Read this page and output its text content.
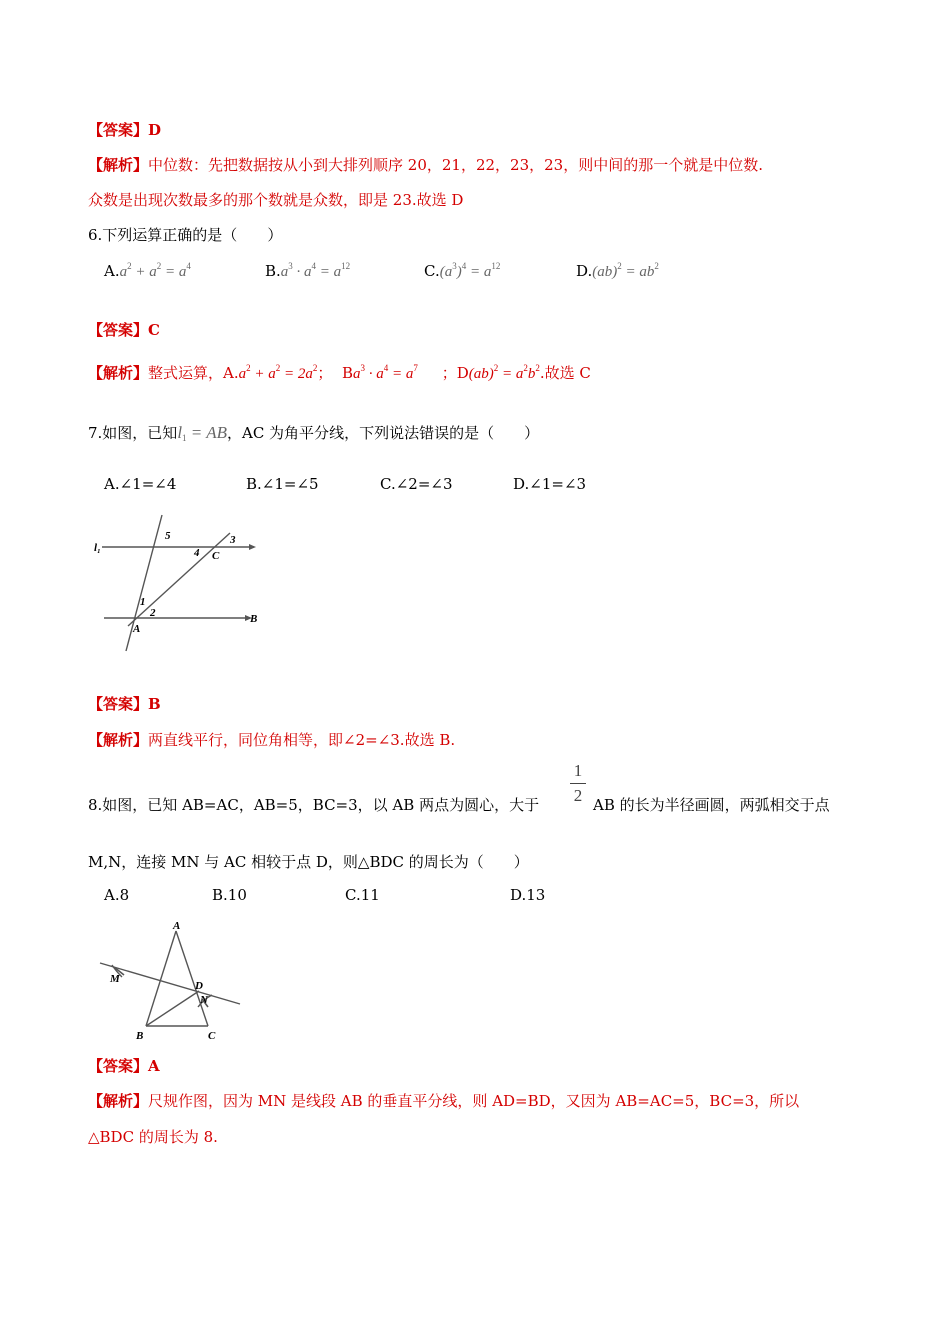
【答案】D
【解析】中位数：先把数据按从小到大排列顺序 20，21，22，23，23，则中间的那一个就是中位数.
众数是出现次数最多的那个数就是众数，即是 23.故选 D
6.下列运算正确的是（　　）
$A.a^2 + a^2 = a^4$	$B.a^3 \cdot a^4 = a^{12}$	$C.(a^3)^4 = a^{12}$	$D.(ab)^2 = ab^2$
【答案】C
【解析】整式运算，$A.a^2 + a^2 = 2a^2$； $Ba^3 \cdot a^4 = a^7$ ；$D(ab)^2 = a^2b^2$.故选 C
7.如图，已知$l_1$ = AB，AC 为角平分线，下列说法错误的是（　　）
A.∠1=∠4	B.∠1=∠5	C.∠2=∠3	D.∠1=∠3
l₁
5
4
3
C
1
2
A
B
【答案】B
【解析】两直线平行，同位角相等，即∠2=∠3.故选 B.
8.如图，已知 AB=AC，AB=5，BC=3，以 AB 两点为圆心，大于
1
2 AB 的长为半径画圆，两弧相交于点
M,N，连接 MN 与 AC 相较于点 D，则△BDC 的周长为（　　）
A.8	B.10	C.11	D.13
A
M
D
N
B	C
【答案】A
【解析】尺规作图，因为 MN 是线段 AB 的垂直平分线，则 AD=BD，又因为 AB=AC=5，BC=3，所以
△BDC 的周长为 8.
